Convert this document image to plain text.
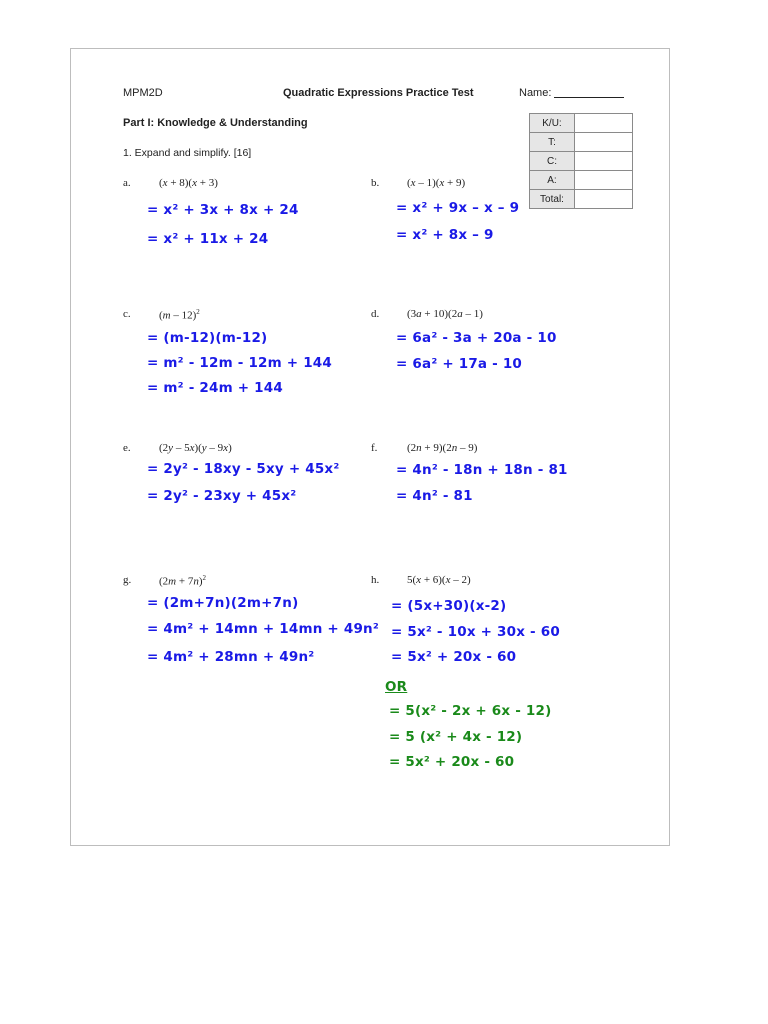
MPM2D	Quadratic Expressions Practice Test	Name:
Part I: Knowledge & Understanding
1. Expand and simplify. [16]
K/U:	
T:	
C:	
A:	
Total:	
a.	(x + 8)(x + 3)
= x² + 3x + 8x + 24
= x² + 11x + 24
b.	(x – 1)(x + 9)
= x² + 9x – x – 9
= x² + 8x – 9
c.	(m – 12)$^2$
= (m-12)(m-12)
= m² - 12m - 12m + 144
= m² - 24m + 144
d.	(3a + 10)(2a – 1)
= 6a² - 3a + 20a - 10
= 6a² + 17a - 10
e.	(2y – 5x)(y – 9x)
= 2y² - 18xy - 5xy + 45x²
= 2y² - 23xy + 45x²
f.	(2n + 9)(2n – 9)
= 4n² - 18n + 18n - 81
= 4n² - 81
g.	$(2m + 7n)^2$
= (2m+7n)(2m+7n)
= 4m² + 14mn + 14mn + 49n²
= 4m² + 28mn + 49n²
h.	5(x + 6)(x – 2)
= (5x+30)(x-2)
= 5x² - 10x + 30x - 60
= 5x² + 20x - 60
OR
= 5(x² - 2x + 6x - 12)
= 5 (x² + 4x - 12)
= 5x² + 20x - 60
